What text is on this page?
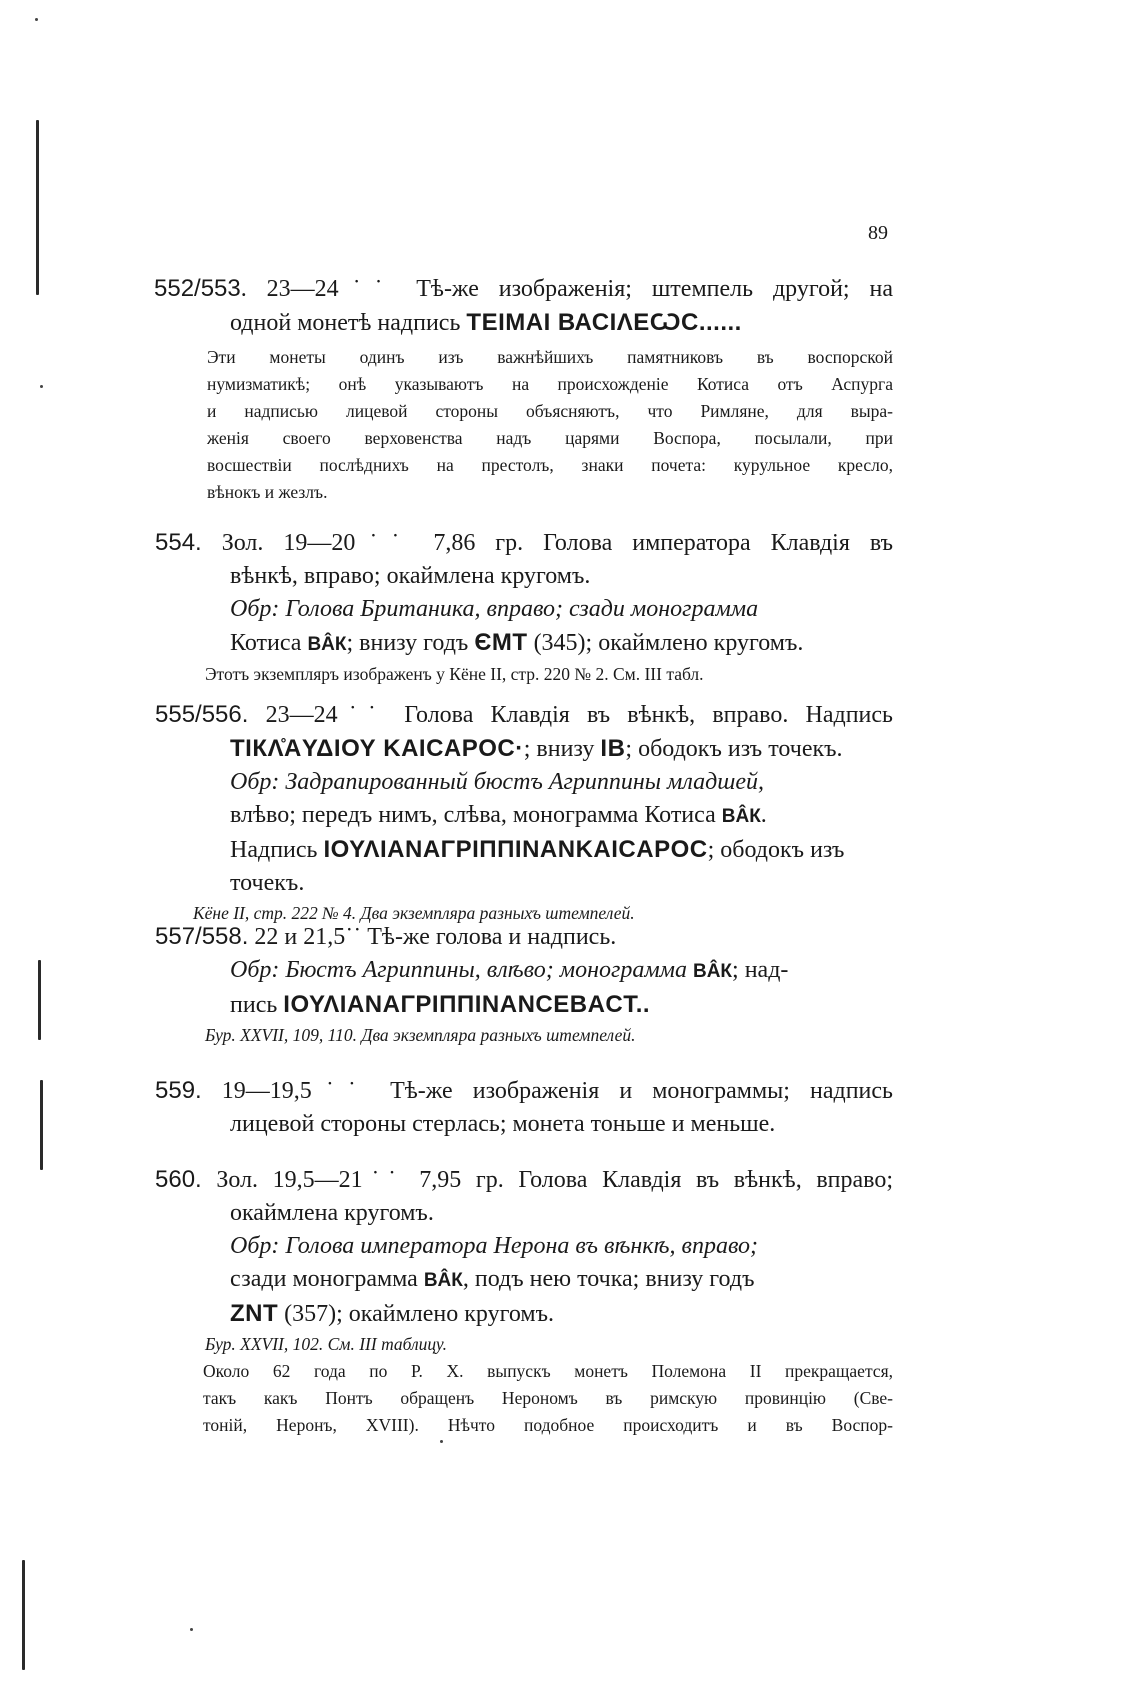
89
552/553. 23—24˙˙ Тѣ-же изображенія; штемпель другой; на
одной монетѣ надпись ТЕІМАІ ВАСІΛЕѠС......
Эти монеты одинъ изъ важнѣйшихъ памятниковъ въ воспорской
нумизматикѣ; онѣ указываютъ на происхожденіе Котиса отъ Аспурга
и надписью лицевой стороны объясняютъ, что Римляне, для выра-
женія своего верховенства надъ царями Воспора, посылали, при
восшествіи послѣднихъ на престолъ, знаки почета: курульное кресло,
вѣнокъ и жезлъ.
554. Зол. 19—20˙˙ 7,86 гр. Голова императора Клавдія въ
вѣнкѣ, вправо; окаймлена кругомъ.
Обр: Голова Британика, вправо; сзади монограмма
Котиса ВÂК; внизу годъ ЄМТ (345); окаймлено кругомъ.
Этотъ экземпляръ изображенъ у Кёне II, стр. 220 № 2. См. III табл.
555/556. 23—24˙˙ Голова Клавдія въ вѣнкѣ, вправо. Надпись
ТІКΛ̊АΥΔΙΟΥ ΚΑΙCΑΡΟC·; внизу ΙΒ; ободокъ изъ точекъ.
Обр: Задрапированный бюстъ Агриппины младшей,
влѣво; передъ нимъ, слѣва, монограмма Котиса ВÂК.
Надпись ΙΟΥΛΙΑΝΑΓΡΙΠΠΙΝΑΝΚΑΙCΑΡΟC; ободокъ изъ
точекъ.
Кёне II, стр. 222 № 4. Два экземпляра разныхъ штемпелей.
557/558. 22 и 21,5˙˙ Тѣ-же голова и надпись.
Обр: Бюстъ Агриппины, влѣво; монограмма ВÂК; над-
пись ΙΟΥΛΙΑΝΑΓΡΙΠΠΙΝΑΝCΕΒΑCΤ..
Бур. XXVII, 109, 110. Два экземпляра разныхъ штемпелей.
559. 19—19,5˙˙ Тѣ-же изображенія и монограммы; надпись
лицевой стороны стерлась; монета тоньше и меньше.
560. Зол. 19,5—21˙˙ 7,95 гр. Голова Клавдія въ вѣнкѣ, вправо;
окаймлена кругомъ.
Обр: Голова императора Нерона въ вѣнкѣ, вправо;
сзади монограмма ВÂК, подъ нею точка; внизу годъ
ΖΝΤ (357); окаймлено кругомъ.
Бур. XXVII, 102. См. III таблицу.
Около 62 года по Р. Х. выпускъ монетъ Полемона II прекращается,
такъ какъ Понтъ обращенъ Нерономъ въ римскую провинцію (Све-
тоній, Неронъ, XVIII). Нѣчто подобное происходитъ и въ Воспор-
